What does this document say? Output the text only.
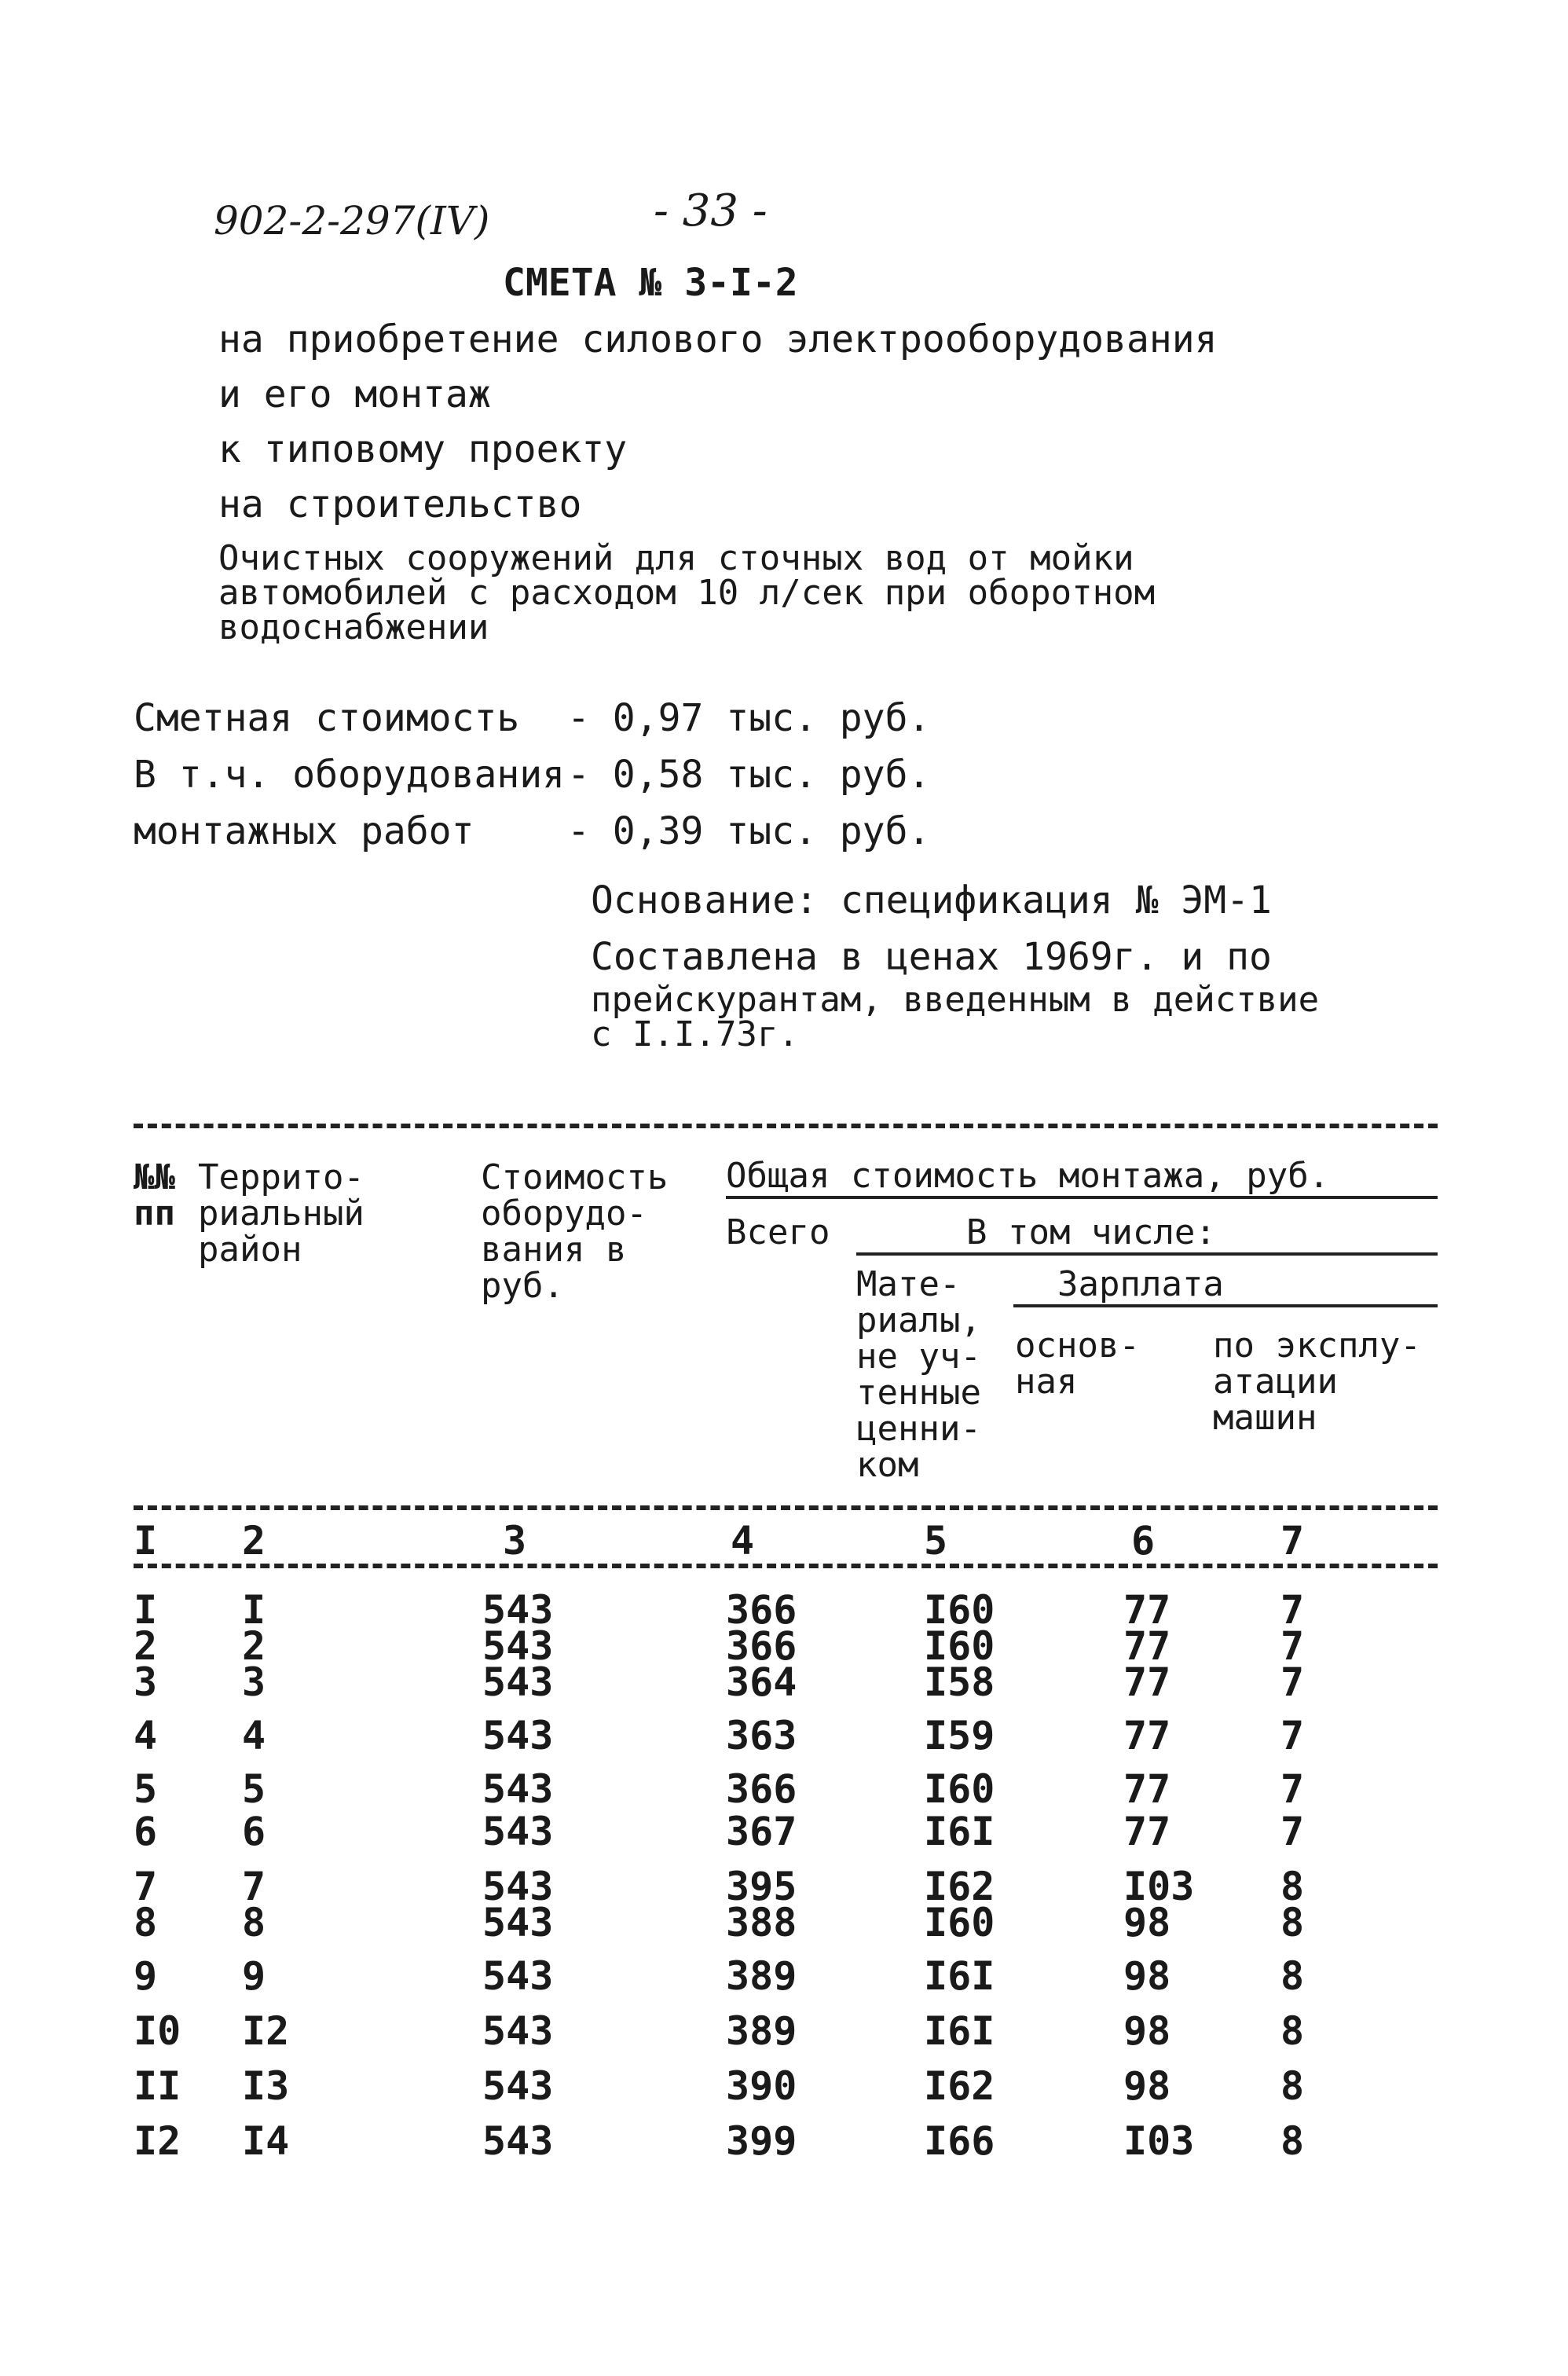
902-2-297(IV)	- 33 -
СМЕТА № 3-I-2
на приобретение силового электрооборудования
и его монтаж
к типовому проекту
на строительство
Очистных сооружений для сточных вод от мойки
автомобилей с расходом 10 л/сек при оборотном
водоснабжении
Сметная стоимость - 0,97 тыс. руб.
В т.ч. оборудования - 0,58 тыс. руб.
монтажных работ - 0,39 тыс. руб.
Основание: спецификация № ЭМ-1
Составлена в ценах 1969г. и по
прейскурантам, введенным в действие
с I.I.73г.
№№ пп
Террито- риальный район
Стоимость оборудо- вания в руб.
Общая стоимость монтажа, руб.
Всего	В том числе:
Мате- риалы, не уч- тенные ценни- ком
Зарплата
основ- ная
по эксплу- атации машин
I 2	3	4	5	6	7
I I	543	366	I60	77	7
2 2	543	366	I60	77	7
3 3	543	364	I58	77	7
4 4	543	363	I59	77	7
5 5	543	366	I60	77	7
6 6	543	367	I6I	77	7
7 7	543	395	I62	I03 8
8 8	543	388	I60	98	8
9 9	543	389	I6I	98	8
I0 I2	543	389	I6I	98	8
II I3	543	390	I62	98	8
I2 I4	543	399	I66	I03 8
